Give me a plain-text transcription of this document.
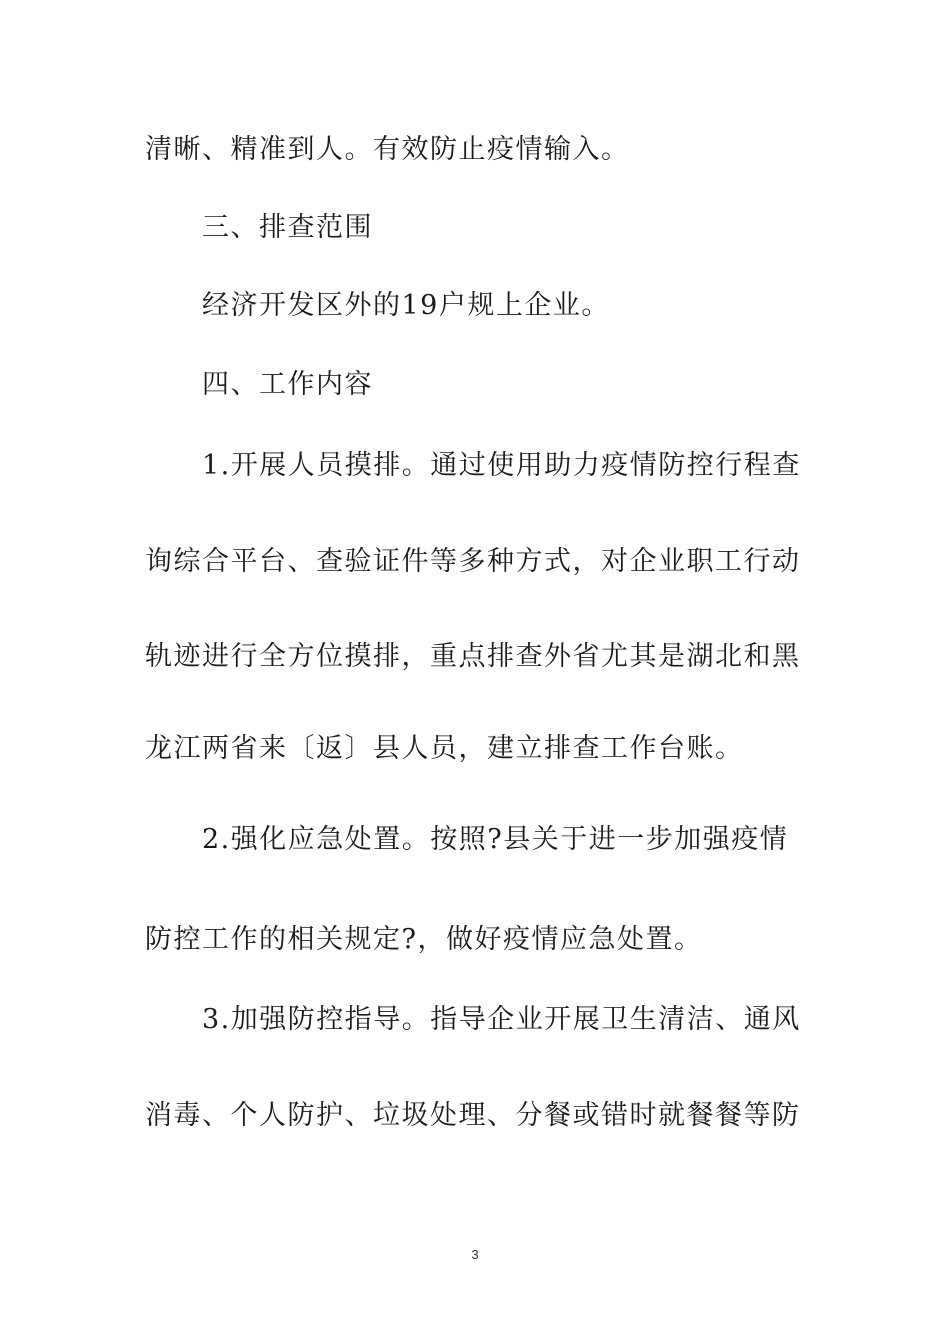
清晰、精准到人。有效防止疫情输入。
三、排查范围
经济开发区外的19户规上企业。
四、工作内容
1.开展人员摸排。通过使用助力疫情防控行程查
询综合平台、查验证件等多种方式，对企业职工行动
轨迹进行全方位摸排，重点排查外省尤其是湖北和黑
龙江两省来〔返〕县人员，建立排查工作台账。
2.强化应急处置。按照?县关于进一步加强疫情
防控工作的相关规定?，做好疫情应急处置。
3.加强防控指导。指导企业开展卫生清洁、通风
消毒、个人防护、垃圾处理、分餐或错时就餐餐等防
3
